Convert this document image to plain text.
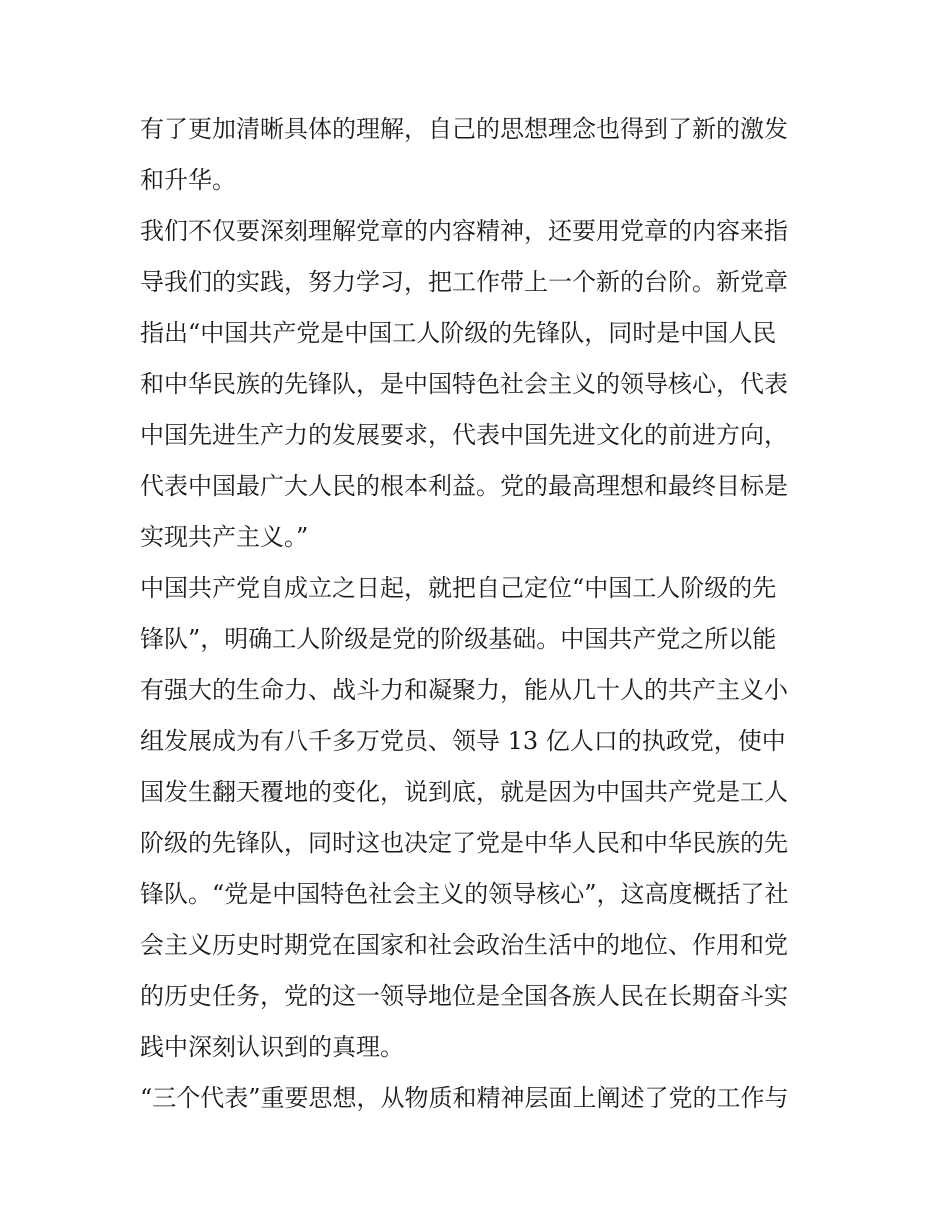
有了更加清晰具体的理解，自己的思想理念也得到了新的激发
和升华。
我们不仅要深刻理解党章的内容精神，还要用党章的内容来指
导我们的实践，努力学习，把工作带上一个新的台阶。新党章
指出“中国共产党是中国工人阶级的先锋队，同时是中国人民
和中华民族的先锋队，是中国特色社会主义的领导核心，代表
中国先进生产力的发展要求，代表中国先进文化的前进方向，
代表中国最广大人民的根本利益。党的最高理想和最终目标是
实现共产主义。”
中国共产党自成立之日起，就把自己定位“中国工人阶级的先
锋队”，明确工人阶级是党的阶级基础。中国共产党之所以能
有强大的生命力、战斗力和凝聚力，能从几十人的共产主义小
组发展成为有八千多万党员、领导 13 亿人口的执政党，使中
国发生翻天覆地的变化，说到底，就是因为中国共产党是工人
阶级的先锋队，同时这也决定了党是中华人民和中华民族的先
锋队。“党是中国特色社会主义的领导核心”，这高度概括了社
会主义历史时期党在国家和社会政治生活中的地位、作用和党
的历史任务，党的这一领导地位是全国各族人民在长期奋斗实
践中深刻认识到的真理。
“三个代表”重要思想，从物质和精神层面上阐述了党的工作与
